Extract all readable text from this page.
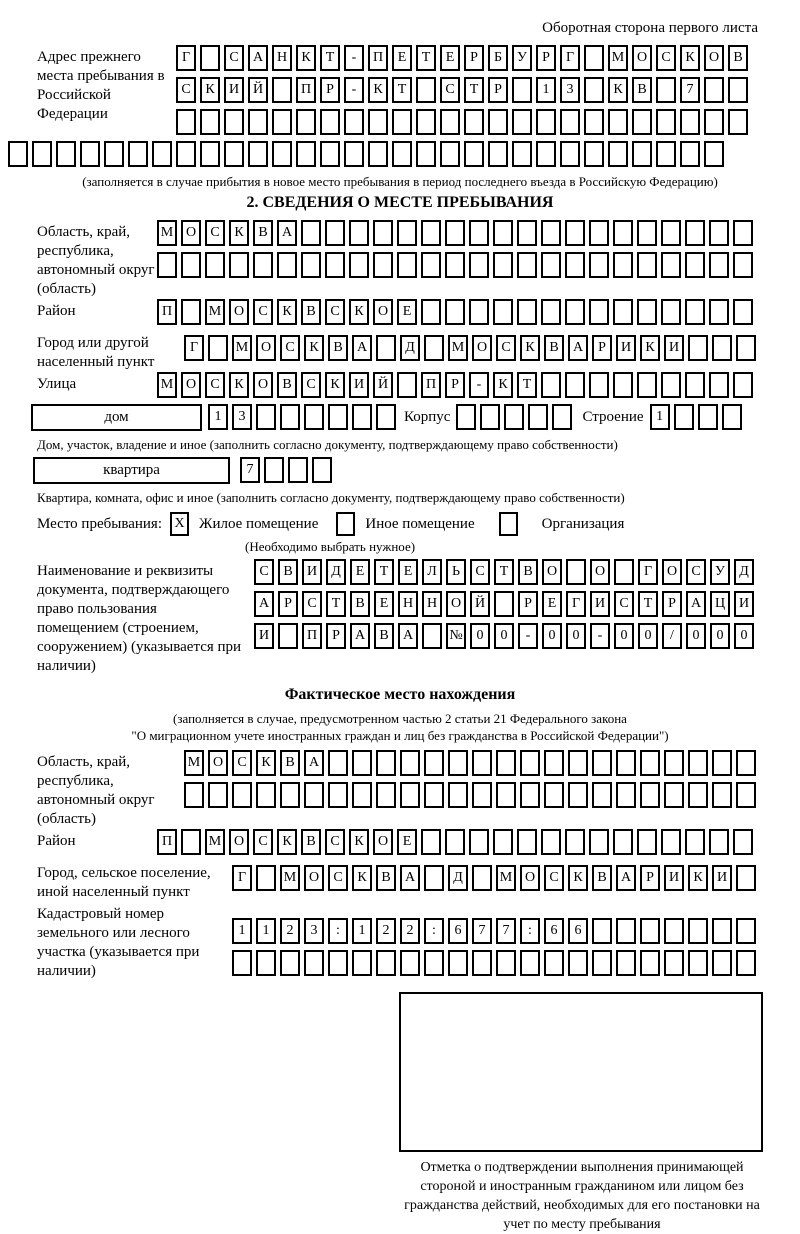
Оборотная сторона первого листа
Адрес прежнего места пребывания в Российской Федерации
Г	С	А Н	К	Т	-	П	Е	Т	Е	Р	Б	У	Р	Г	М О	С	К	О	В
С	К	И Й	П	Р	-	К	Т	С	Т	Р	1	3	К	В	7
(заполняется в случае прибытия в новое место пребывания в период последнего въезда в Российскую Федерацию)
2. СВЕДЕНИЯ О МЕСТЕ ПРЕБЫВАНИЯ
Область, край, республика, автономный округ (область)
М О	С	К	В	А
Район	П	М О	С	К	В	С	К	О	Е
Город или другой населенный пункт
Г	М О	С	К	В	А	Д	М О	С	К	В	А	Р	И	К	И
Улица	М О	С	К	О	В	С	К	И Й	П	Р	-	К	Т
дом	1	3	Корпус	Строение 1
Дом, участок, владение и иное (заполнить согласно документу, подтверждающему право собственности)
квартира	7
Квартира, комната, офис и иное (заполнить согласно документу, подтверждающему право собственности)
Место пребывания: X Жилое помещение	Иное помещение	Организация
(Необходимо выбрать нужное)
Наименование и реквизиты документа, подтверждающего право пользования помещением (строением, сооружением) (указывается при наличии)
С	В	И	Д	Е	Т	Е	Л	Ь	С	Т	В	О	О	Г	О	С	У	Д
А	Р	С	Т	В	Е	Н Н О Й	Р	Е	Г	И	С	Т	Р	А Ц И
И	П	Р	А	В	А	№ 0	0	-	0	0	-	0	0	/	0	0	0
Фактическое место нахождения
(заполняется в случае, предусмотренном частью 2 статьи 21 Федерального закона
"О миграционном учете иностранных граждан и лиц без гражданства в Российской Федерации")
Область, край, республика, автономный округ (область)
М О	С	К	В	А
Район	П	М О	С	К	В	С	К	О	Е
Город, сельское поселение, иной населенный пункт
Г	М О	С	К	В	А	Д	М О	С	К	В	А	Р	И	К	И
Кадастровый номер земельного или лесного участка (указывается при наличии)
1	1	2	3	:	1	2	2	:	6	7	7	:	6	6
Отметка о подтверждении выполнения принимающей стороной и иностранным гражданином или лицом без гражданства действий, необходимых для его постановки на учет по месту пребывания
